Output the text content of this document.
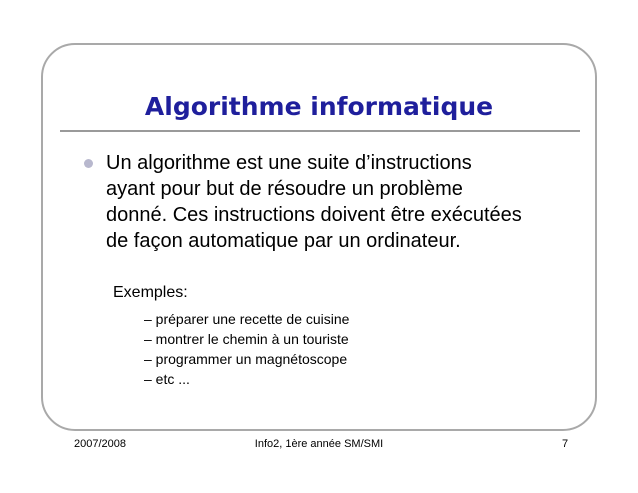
Algorithme informatique

Un algorithme est une suite d’instructions
ayant pour but de résoudre un problème
donné. Ces instructions doivent être exécutées
de façon automatique par un ordinateur.

Exemples:
– préparer une recette de cuisine
– montrer le chemin à un touriste
– programmer un magnétoscope
– etc ...
2007/2008	Info2, 1ère année SM/SMI	7
